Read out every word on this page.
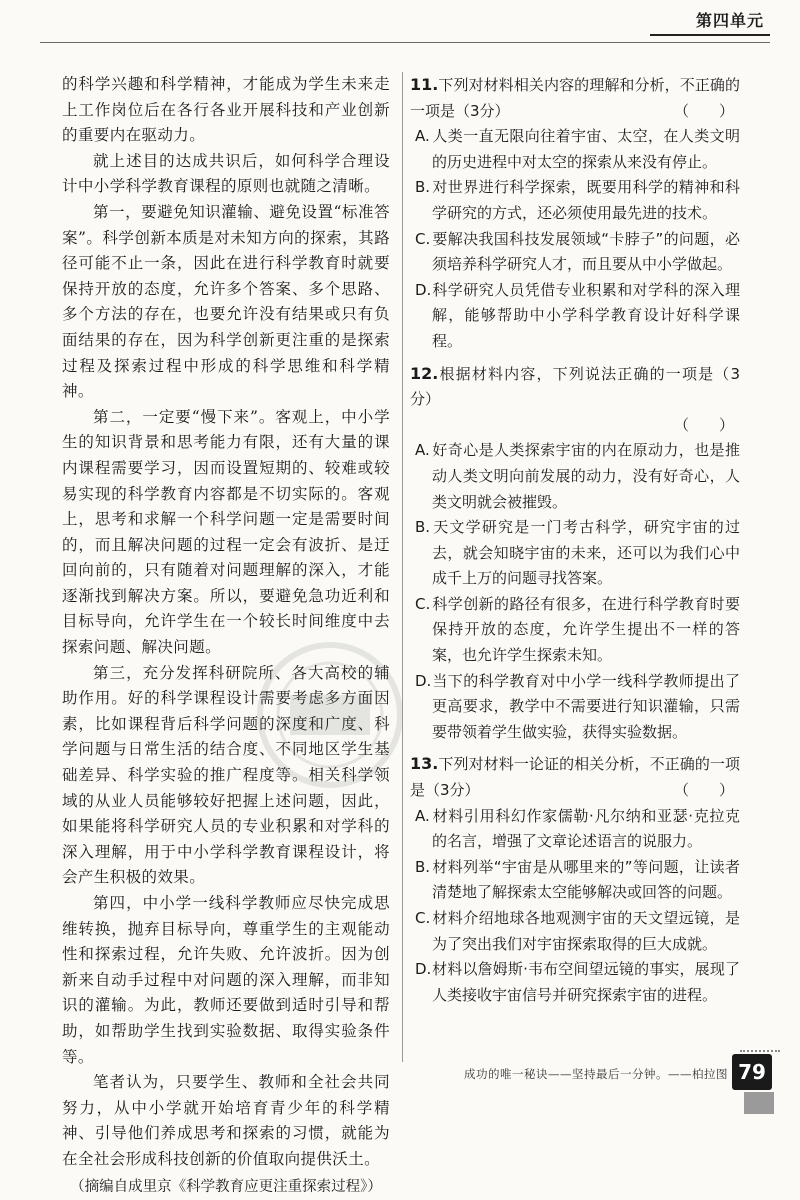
第四单元

的科学兴趣和科学精神，才能成为学生未来走上工作岗位后在各行各业开展科技和产业创新的重要内在驱动力。

就上述目的达成共识后，如何科学合理设计中小学科学教育课程的原则也就随之清晰。

第一，要避免知识灌输、避免设置“标准答案”。科学创新本质是对未知方向的探索，其路径可能不止一条，因此在进行科学教育时就要保持开放的态度，允许多个答案、多个思路、多个方法的存在，也要允许没有结果或只有负面结果的存在，因为科学创新更注重的是探索过程及探索过程中形成的科学思维和科学精神。

第二，一定要“慢下来”。客观上，中小学生的知识背景和思考能力有限，还有大量的课内课程需要学习，因而设置短期的、较难或较易实现的科学教育内容都是不切实际的。客观上，思考和求解一个科学问题一定是需要时间的，而且解决问题的过程一定会有波折、是迂回向前的，只有随着对问题理解的深入，才能逐渐找到解决方案。所以，要避免急功近利和目标导向，允许学生在一个较长时间维度中去探索问题、解决问题。

第三，充分发挥科研院所、各大高校的辅助作用。好的科学课程设计需要考虑多方面因素，比如课程背后科学问题的深度和广度、科学问题与日常生活的结合度、不同地区学生基础差异、科学实验的推广程度等。相关科学领域的从业人员能够较好把握上述问题，因此，如果能将科学研究人员的专业积累和对学科的深入理解，用于中小学科学教育课程设计，将会产生积极的效果。

第四，中小学一线科学教师应尽快完成思维转换，抛弃目标导向，尊重学生的主观能动性和探索过程，允许失败、允许波折。因为创新来自动手过程中对问题的深入理解，而非知识的灌输。为此，教师还要做到适时引导和帮助，如帮助学生找到实验数据、取得实验条件等。

笔者认为，只要学生、教师和全社会共同努力，从中小学就开始培育青少年的科学精神、引导他们养成思考和探索的习惯，就能为在全社会形成科技创新的价值取向提供沃土。

（摘编自成里京《科学教育应更注重探索过程》）

11.下列对材料相关内容的理解和分析，不正确的一项是（3分）	（　　）

A. 人类一直无限向往着宇宙、太空，在人类文明的历史进程中对太空的探索从来没有停止。

B. 对世界进行科学探索，既要用科学的精神和科学研究的方式，还必须使用最先进的技术。

C. 要解决我国科技发展领域“卡脖子”的问题，必须培养科学研究人才，而且要从中小学做起。

D.科学研究人员凭借专业积累和对学科的深入理解，能够帮助中小学科学教育设计好科学课程。

12.根据材料内容，下列说法正确的一项是（3分）
（　　）

A. 好奇心是人类探索宇宙的内在原动力，也是推动人类文明向前发展的动力，没有好奇心，人类文明就会被摧毁。

B. 天文学研究是一门考古科学，研究宇宙的过去，就会知晓宇宙的未来，还可以为我们心中成千上万的问题寻找答案。

C. 科学创新的路径有很多，在进行科学教育时要保持开放的态度，允许学生提出不一样的答案，也允许学生探索未知。

D.当下的科学教育对中小学一线科学教师提出了更高要求，教学中不需要进行知识灌输，只需要带领着学生做实验，获得实验数据。

13.下列对材料一论证的相关分析，不正确的一项是（3分）	（　　）

A. 材料引用科幻作家儒勒·凡尔纳和亚瑟·克拉克的名言，增强了文章论述语言的说服力。

B. 材料列举“宇宙是从哪里来的”等问题，让读者清楚地了解探索太空能够解决或回答的问题。

C. 材料介绍地球各地观测宇宙的天文望远镜，是为了突出我们对宇宙探索取得的巨大成就。

D.材料以詹姆斯·韦布空间望远镜的事实，展现了人类接收宇宙信号并研究探索宇宙的进程。

成功的唯一秘诀——坚持最后一分钟。——柏拉图 79
